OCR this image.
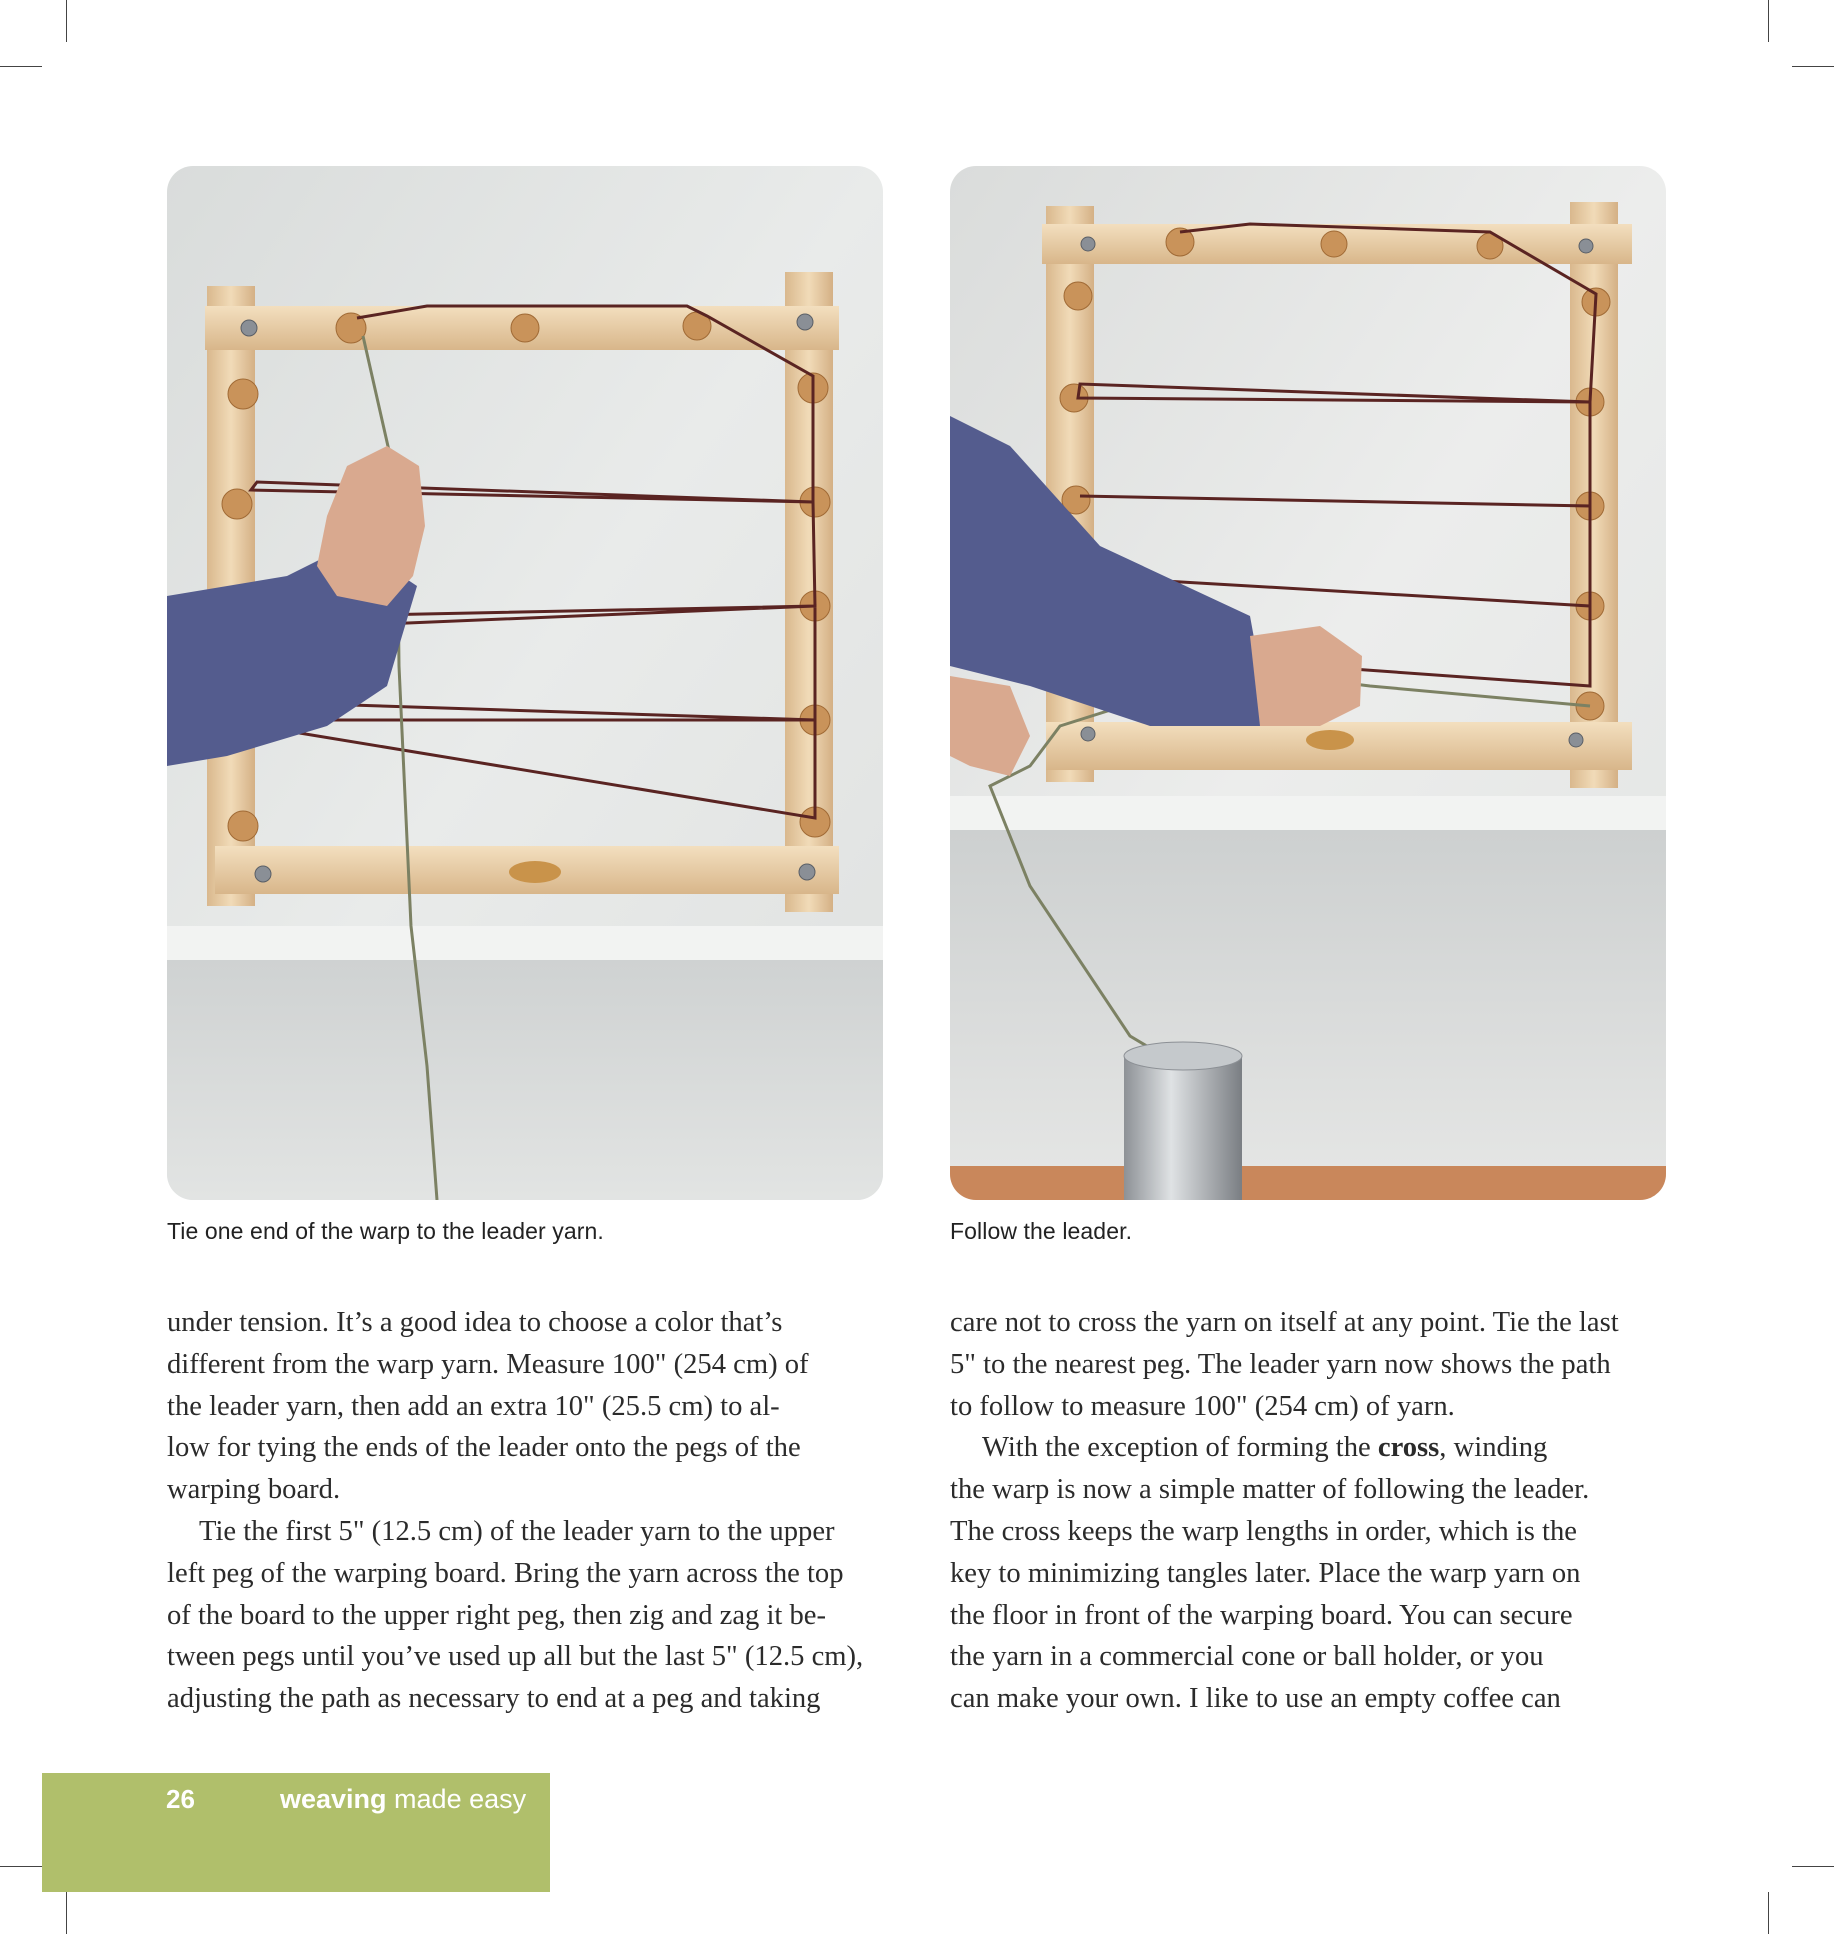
Tie one end of the warp to the leader yarn.	Follow the leader.

under tension. It’s a good idea to choose a color that’s
different from the warp yarn. Measure 100" (254 cm) of
the leader yarn, then add an extra 10" (25.5 cm) to al-
low for tying the ends of the leader onto the pegs of the
warping board.

Tie the first 5" (12.5 cm) of the leader yarn to the upper
left peg of the warping board. Bring the yarn across the top
of the board to the upper right peg, then zig and zag it be-
tween pegs until you’ve used up all but the last 5" (12.5 cm),
adjusting the path as necessary to end at a peg and taking

care not to cross the yarn on itself at any point. Tie the last
5" to the nearest peg. The leader yarn now shows the path
to follow to measure 100" (254 cm) of yarn.

With the exception of forming the cross, winding
the warp is now a simple matter of following the leader.
The cross keeps the warp lengths in order, which is the
key to minimizing tangles later. Place the warp yarn on
the floor in front of the warping board. You can secure
the yarn in a commercial cone or ball holder, or you
can make your own. I like to use an empty coffee can

26	weaving made easy
